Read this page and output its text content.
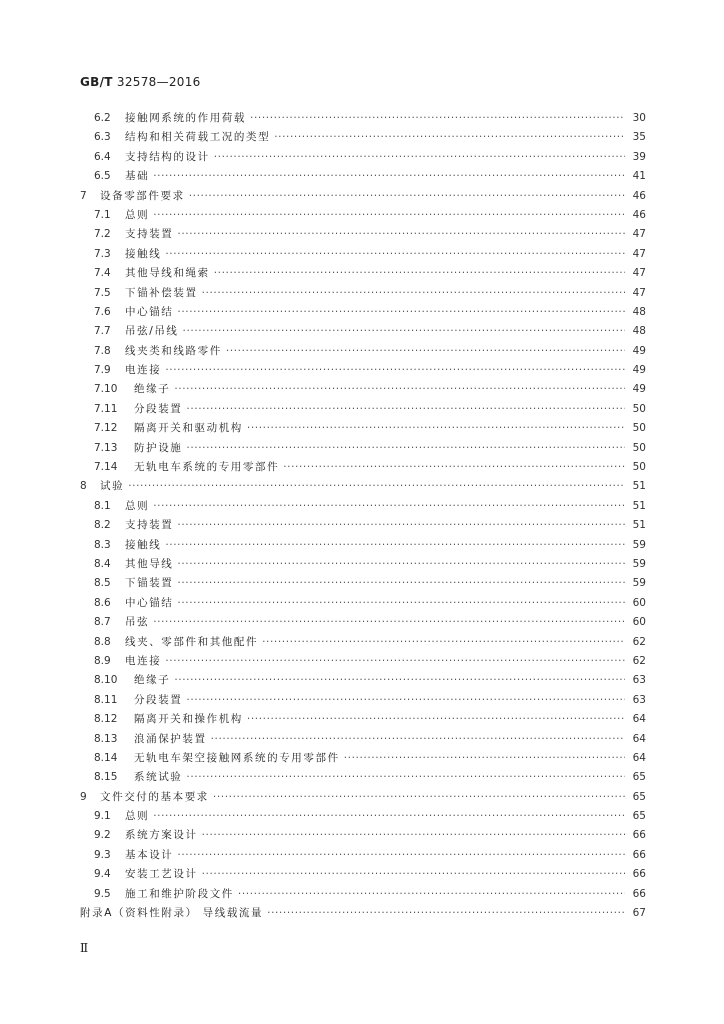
GB/T 32578—2016
6.2	接触网系统的作用荷载 ·····	30
6.3	结构和相关荷载工况的类型 ·····	35
6.4	支持结构的设计 ·····	39
6.5	基础 ·····	41
7	设备零部件要求 ·····	46
7.1	总则 ·····	46
7.2	支持装置 ·····	47
7.3	接触线 ·····	47
7.4	其他导线和绳索 ·····	47
7.5	下锚补偿装置 ·····	47
7.6	中心锚结 ·····	48
7.7	吊弦/吊线 ·····	48
7.8	线夹类和线路零件 ·····	49
7.9	电连接 ·····	49
7.10	绝缘子 ·····	49
7.11	分段装置 ·····	50
7.12	隔离开关和驱动机构 ·····	50
7.13	防护设施 ·····	50
7.14	无轨电车系统的专用零部件 ·····	50
8	试验 ·····	51
8.1	总则 ·····	51
8.2	支持装置 ·····	51
8.3	接触线 ·····	59
8.4	其他导线 ·····	59
8.5	下锚装置 ·····	59
8.6	中心锚结 ·····	60
8.7	吊弦 ·····	60
8.8	线夹、零部件和其他配件 ·····	62
8.9	电连接 ·····	62
8.10	绝缘子 ·····	63
8.11	分段装置 ·····	63
8.12	隔离开关和操作机构 ·····	64
8.13	浪涌保护装置 ·····	64
8.14	无轨电车架空接触网系统的专用零部件 ·····	64
8.15	系统试验 ·····	65
9	文件交付的基本要求 ·····	65
9.1	总则 ·····	65
9.2	系统方案设计 ·····	66
9.3	基本设计 ·····	66
9.4	安装工艺设计 ·····	66
9.5	施工和维护阶段文件 ·····	66
附录A（资料性附录） 导线载流量 ·····	67
Ⅱ
